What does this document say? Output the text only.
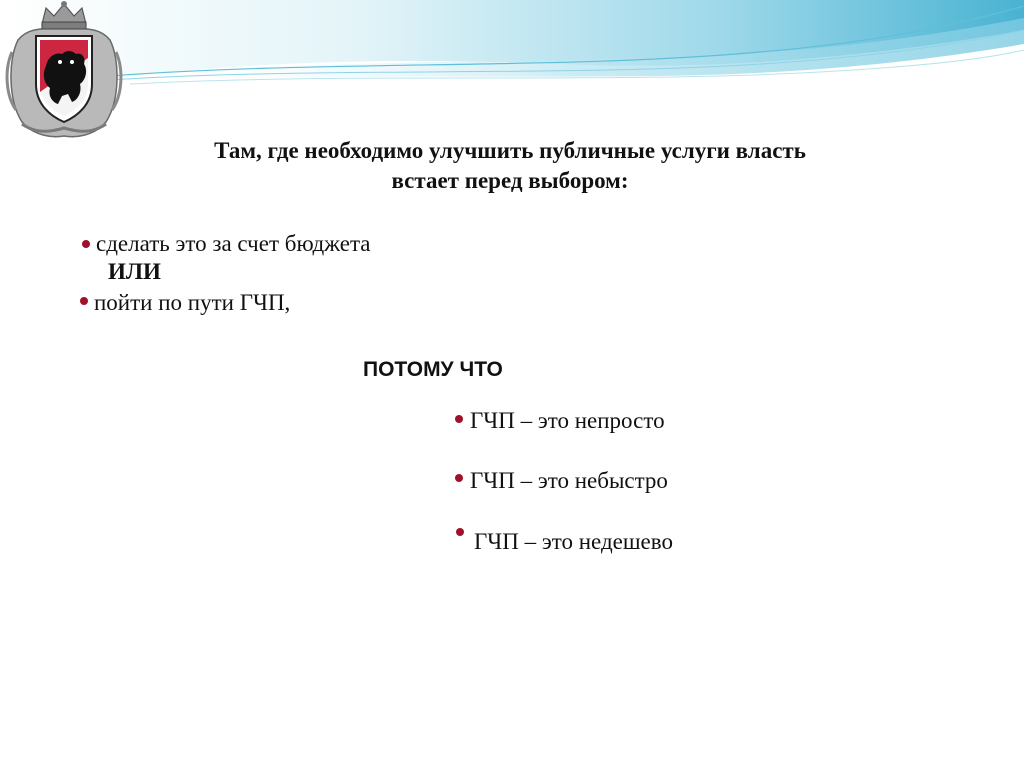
Там, где необходимо улучшить публичные услуги власть
встает перед выбором:
сделать это за счет бюджета
ИЛИ
пойти по пути ГЧП,
ПОТОМУ ЧТО
ГЧП – это непросто
ГЧП – это небыстро
ГЧП – это недешево
